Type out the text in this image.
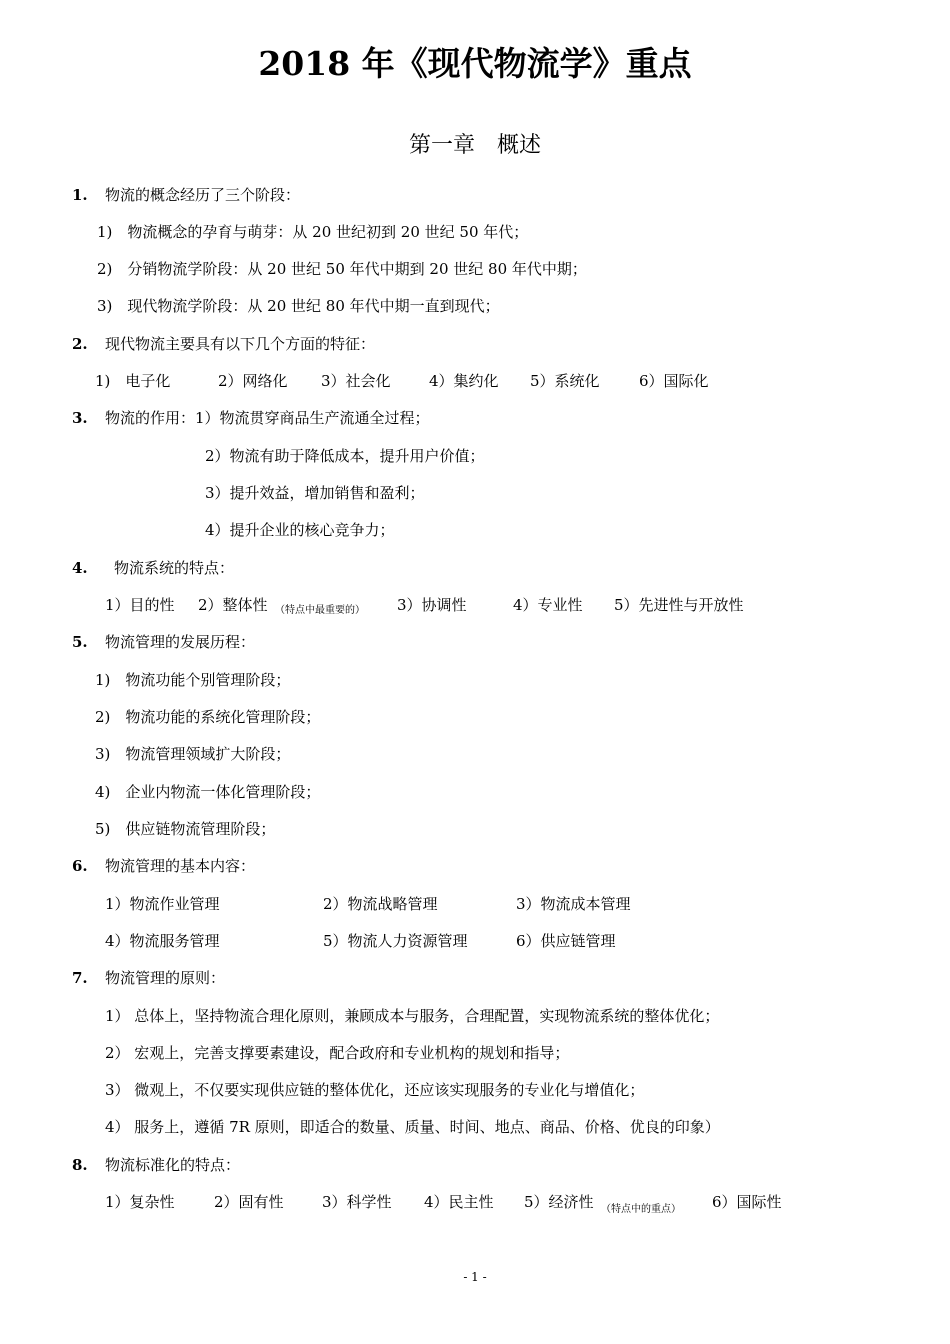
2018 年《现代物流学》重点
第一章　概述
1. 物流的概念经历了三个阶段：
1)　物流概念的孕育与萌芽：从 20 世纪初到 20 世纪 50 年代；
2)　分销物流学阶段：从 20 世纪 50 年代中期到 20 世纪 80 年代中期；
3)　现代物流学阶段：从 20 世纪 80 年代中期一直到现代；
2. 现代物流主要具有以下几个方面的特征：
1)　电子化	2）网络化 3）社会化	4）集约化 5）系统化	6）国际化
3. 物流的作用：1）物流贯穿商品生产流通全过程；
2）物流有助于降低成本，提升用户价值；
3）提升效益，增加销售和盈利；
4）提升企业的核心竞争力；
4. 物流系统的特点：
1）目的性 2）整体性 （特点中最重要的） 3）协调性	4）专业性 5）先进性与开放性
5. 物流管理的发展历程：
1)　物流功能个别管理阶段；
2)　物流功能的系统化管理阶段；
3)　物流管理领域扩大阶段；
4)　企业内物流一体化管理阶段；
5)　供应链物流管理阶段；
6. 物流管理的基本内容：
1）物流作业管理	2）物流战略管理	3）物流成本管理
4）物流服务管理	5）物流人力资源管理	6）供应链管理
7. 物流管理的原则：
1） 总体上，坚持物流合理化原则，兼顾成本与服务，合理配置，实现物流系统的整体优化；
2） 宏观上，完善支撑要素建设，配合政府和专业机构的规划和指导；
3） 微观上，不仅要实现供应链的整体优化，还应该实现服务的专业化与增值化；
4） 服务上，遵循 7R 原则，即适合的数量、质量、时间、地点、商品、价格、优良的印象）
8. 物流标准化的特点：
1）复杂性	2）固有性	3）科学性 4）民主性 5）经济性 （特点中的重点） 6）国际性
- 1 -
